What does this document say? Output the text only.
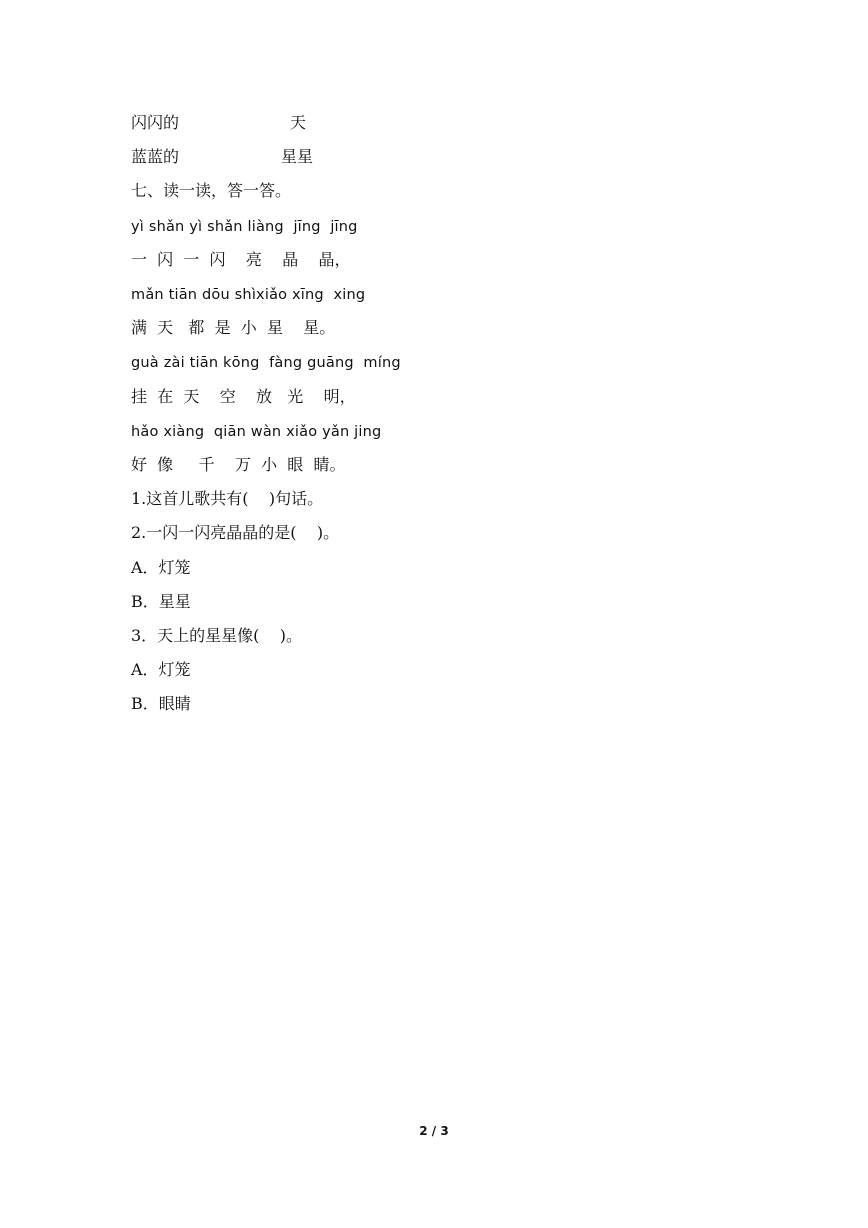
闪闪的	天
蓝蓝的	星星
七、读一读，答一答。
yì shǎn yì shǎn liàng  jīng  jīng
一  闪  一  闪    亮    晶    晶，
mǎn tiān dōu shìxiǎo xīng  xing
满  天   都  是  小  星    星。
guà zài tiān kōng  fàng guāng  míng
挂  在  天    空    放   光    明，
hǎo xiàng  qiān wàn xiǎo yǎn jing
好  像     千    万  小  眼  睛。
1.这首儿歌共有(    )句话。
2.一闪一闪亮晶晶的是(    )。
A．灯笼
B．星星
3．天上的星星像(    )。
A．灯笼
B．眼睛
2 / 3
